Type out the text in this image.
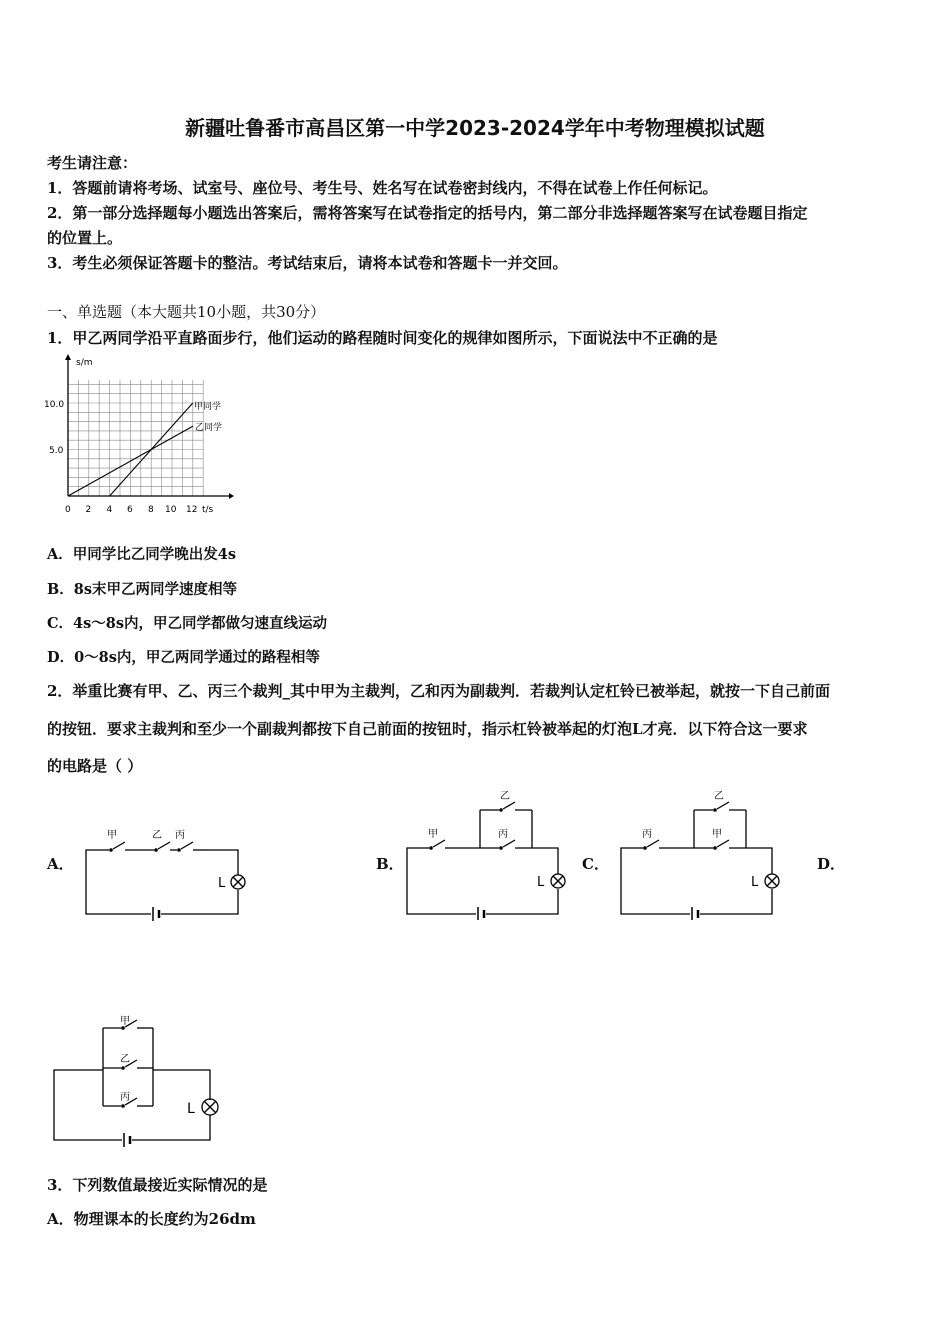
新疆吐鲁番市高昌区第一中学2023-2024学年中考物理模拟试题
考生请注意：
1．答题前请将考场、试室号、座位号、考生号、姓名写在试卷密封线内，不得在试卷上作任何标记。
2．第一部分选择题每小题选出答案后，需将答案写在试卷指定的括号内，第二部分非选择题答案写在试卷题目指定
的位置上。
3．考生必须保证答题卡的整洁。考试结束后，请将本试卷和答题卡一并交回。
一、单选题（本大题共10小题，共30分）
1．甲乙两同学沿平直路面步行，他们运动的路程随时间变化的规律如图所示，下面说法中不正确的是
s/m
t/s
0 2 4 6 8 10 12
5.0
10.0	甲同学
乙同学
A．甲同学比乙同学晚出发4s
B．8s末甲乙两同学速度相等
C．4s～8s内，甲乙同学都做匀速直线运动
D．0～8s内，甲乙两同学通过的路程相等
2．举重比赛有甲、乙、丙三个裁判_其中甲为主裁判，乙和丙为副裁判．若裁判认定杠铃已被举起，就按一下自己前面
的按钮．要求主裁判和至少一个副裁判都按下自己前面的按钮时，指示杠铃被举起的灯泡L才亮．以下符合这一要求
的电路是（ ）
A．	B．	C．	D．
甲	乙 丙
L
甲
乙
丙
L
丙
乙
甲
L
甲
乙
丙
L
3．下列数值最接近实际情况的是
A．物理课本的长度约为26dm
